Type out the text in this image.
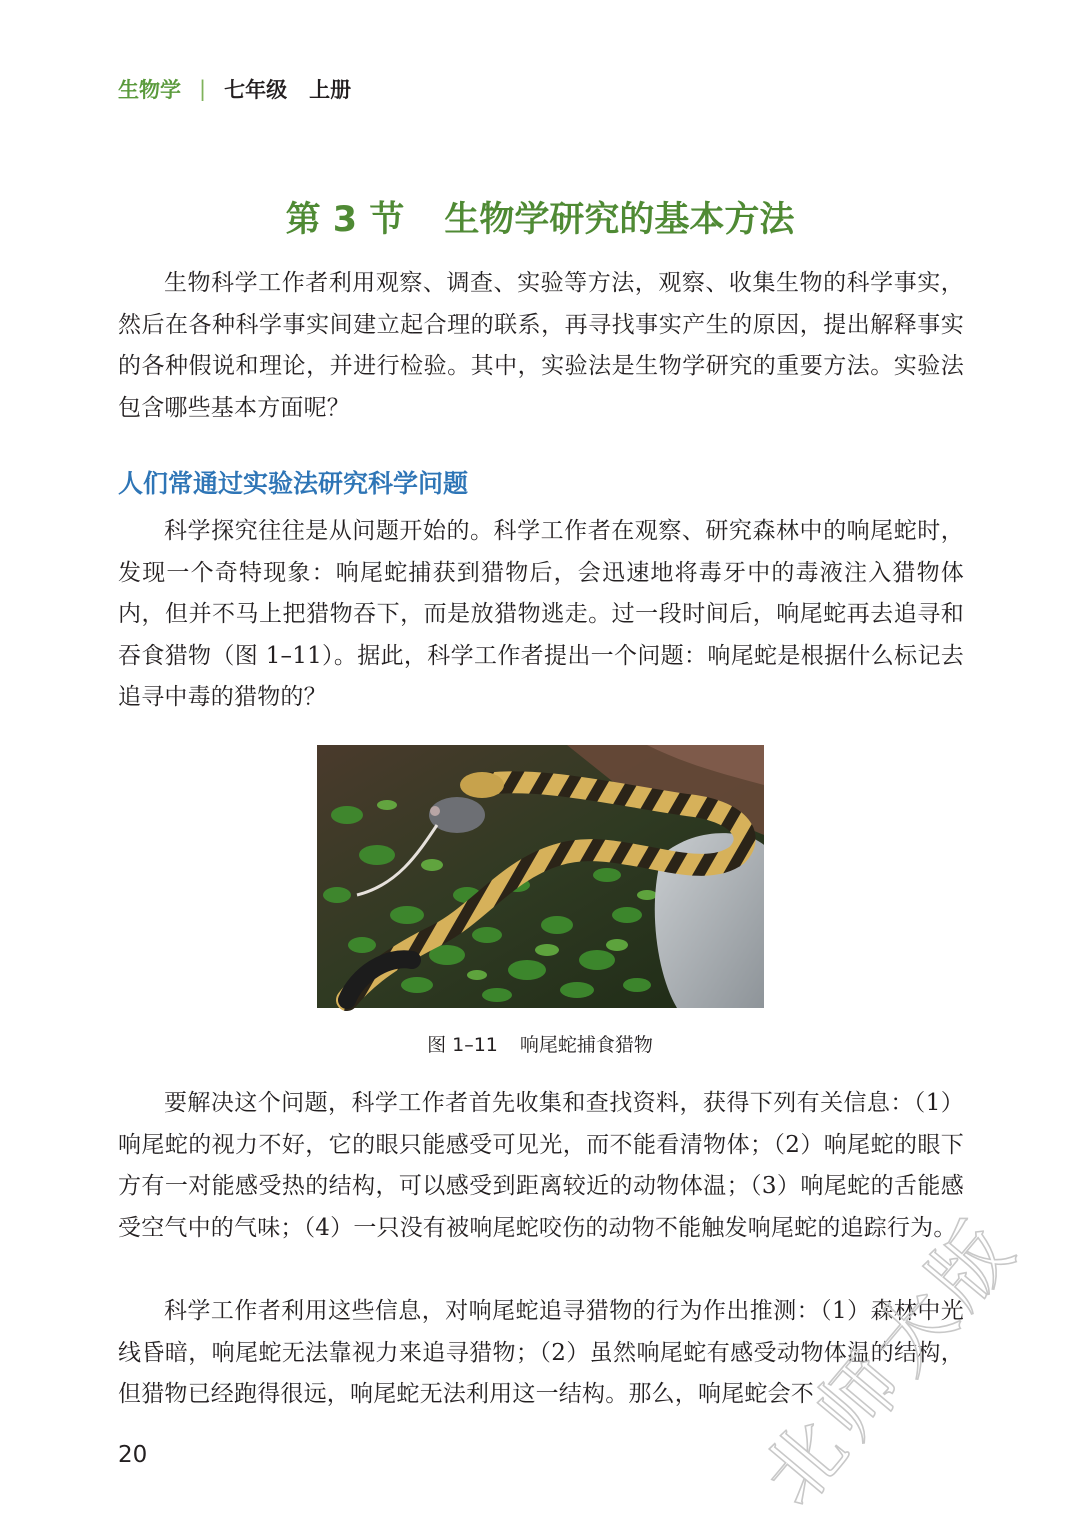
生物学 | 七年级 上册
第 3 节 生物学研究的基本方法

生物科学工作者利用观察、调查、实验等方法，观察、收集生物的科学事实，然后在各种科学事实间建立起合理的联系，再寻找事实产生的原因，提出解释事实的各种假说和理论，并进行检验。其中，实验法是生物学研究的重要方法。实验法包含哪些基本方面呢？

人们常通过实验法研究科学问题

科学探究往往是从问题开始的。科学工作者在观察、研究森林中的响尾蛇时，发现一个奇特现象：响尾蛇捕获到猎物后，会迅速地将毒牙中的毒液注入猎物体内，但并不马上把猎物吞下，而是放猎物逃走。过一段时间后，响尾蛇再去追寻和吞食猎物（图 1–11）。据此，科学工作者提出一个问题：响尾蛇是根据什么标记去追寻中毒的猎物的？

图 1–11 响尾蛇捕食猎物

要解决这个问题，科学工作者首先收集和查找资料，获得下列有关信息：（1）响尾蛇的视力不好，它的眼只能感受可见光，而不能看清物体；（2）响尾蛇的眼下方有一对能感受热的结构，可以感受到距离较近的动物体温；（3）响尾蛇的舌能感受空气中的气味；（4）一只没有被响尾蛇咬伤的动物不能触发响尾蛇的追踪行为。

科学工作者利用这些信息，对响尾蛇追寻猎物的行为作出推测：（1）森林中光线昏暗，响尾蛇无法靠视力来追寻猎物；（2）虽然响尾蛇有感受动物体温的结构，但猎物已经跑得很远，响尾蛇无法利用这一结构。那么，响尾蛇会不

20	北师大版
